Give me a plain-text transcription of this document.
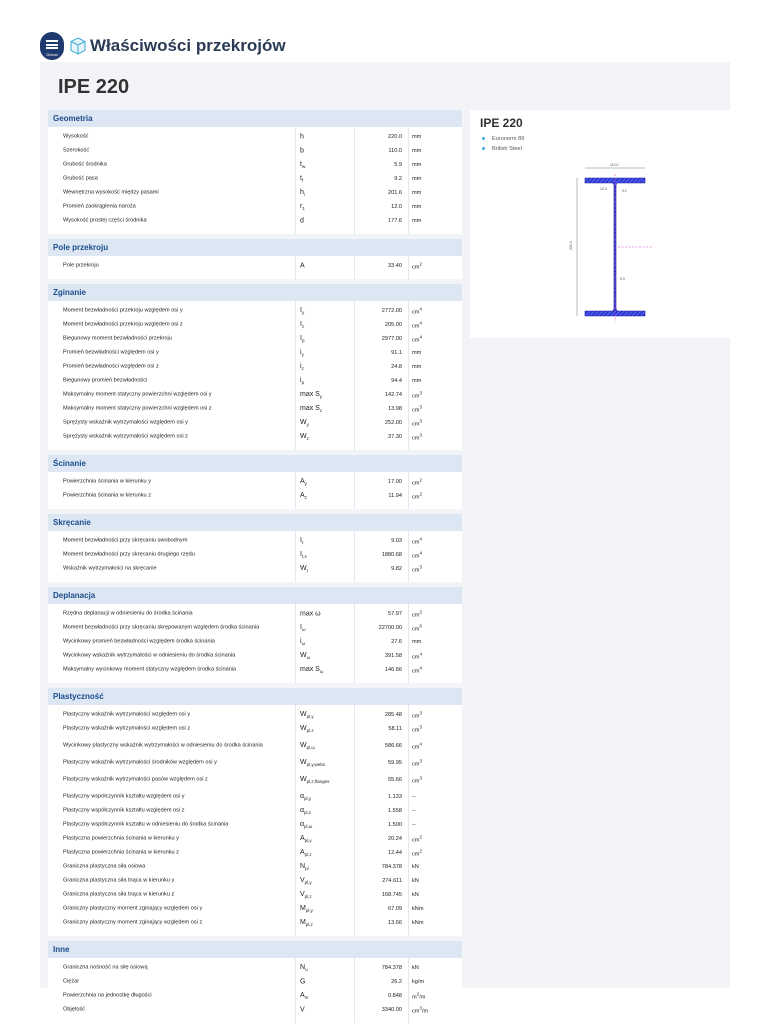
Dlubal	Właściwości przekrojów
IPE 220
Geometria
Wysokość	h	220.0 mm
Szerokość	b	110.0 mm
Grubość środnika	$t_w$	5.9 mm
Grubość pasa	$t_f$	9.2 mm
Wewnętrzna wysokość między pasami	$h_i$	201.6 mm
Promień zaokrąglenia naroża	$r_1$	12.0 mm
Wysokość prostej części środnika	d	177.6 mm
Pole przekroju
Pole przekroju	A	33.40 $cm^2$
Zginanie
Moment bezwładności przekroju względem osi y	$I_y$	2772.00 $cm^4$
Moment bezwładności przekroju względem osi z	$I_z$	205.00 $cm^4$
Biegunowy moment bezwładności przekroju	$I_p$	2977.00 $cm^4$
Promień bezwładności względem osi y	$i_y$	91.1 mm
Promień bezwładności względem osi z	$i_z$	24.8 mm
Biegunowy promień bezwładności	$i_p$	94.4 mm
Maksymalny moment statyczny powierzchni względem osi y	$\max S_y$	142.74 $cm^3$
Maksymalny moment statyczny powierzchni względem osi z	$\max S_z$	13.98 $cm^3$
Sprężysty wskaźnik wytrzymałości względem osi y	$W_y$	252.00 $cm^3$
Sprężysty wskaźnik wytrzymałości względem osi z	$W_z$	37.30 $cm^3$
Ścinanie
Powierzchnia ścinania w kierunku y	$A_y$	17.00 $cm^2$
Powierzchnia ścinania w kierunku z	$A_z$	11.94 $cm^2$
Skręcanie
Moment bezwładności przy skręcaniu swobodnym	$I_t$	9.03 $cm^4$
Moment bezwładności przy skręcaniu drugiego rzędu	$I_{t,s}$	1880.68 $cm^4$
Wskaźnik wytrzymałości na skręcanie	$W_t$	9.82 $cm^3$
Deplanacja
Rzędna deplanacji w odniesieniu do środka ścinania	max ω	57.97 $cm^2$
Moment bezwładności przy skręcaniu skrępowanym względem środka ścinania	$I_\omega$	22700.00 $cm^6$
Wycinkowy promień bezwładności względem środka ścinania	$i_\omega$	27.6 mm
Wycinkowy wskaźnik wytrzymałości w odniesieniu do środka ścinania	$W_\omega$	391.58 $cm^4$
Maksymalny wycinkowy moment statyczny względem środka ścinania	$\max S_\omega$	146.66 $cm^4$
Plastyczność
Plastyczny wskaźnik wytrzymałości względem osi y	$W_{pl,y}$	285.48 $cm^3$
Plastyczny wskaźnik wytrzymałości względem osi z	$W_{pl,z}$	58.11 $cm^3$
Wycinkowy plastyczny wskaźnik wytrzymałości w odniesieniu do środka ścinania	$W_{pl,\omega}$	586.66 $cm^4$
Plastyczny wskaźnik wytrzymałości środników względem osi y	$W_{pl,y,webs}$	59.95 $cm^3$
Plastyczny wskaźnik wytrzymałości pasów względem osi z	$W_{pl,z,flanges}$	55.66 $cm^3$
Plastyczny współczynnik kształtu względem osi y	$\alpha_{pl,y}$	1.133 --
Plastyczny współczynnik kształtu względem osi z	$\alpha_{pl,z}$	1.558 --
Plastyczny współczynnik kształtu w odniesieniu do środka ścinania	$\alpha_{pl,\omega}$	1.500 --
Plastyczna powierzchnia ścinania w kierunku y	$A_{pl,y}$	20.24 $cm^2$
Plastyczna powierzchnia ścinania w kierunku z	$A_{pl,z}$	12.44 $cm^2$
Graniczna plastyczna siła osiowa	$N_{pl}$	784.378 kN
Graniczna plastyczna siła tnąca w kierunku y	$V_{pl,y}$	274.611 kN
Graniczna plastyczna siła tnąca w kierunku z	$V_{pl,z}$	168.745 kN
Graniczny plastyczny moment zginający względem osi y	$M_{pl,y}$	67.09 kNm
Graniczny plastyczny moment zginający względem osi z	$M_{pl,z}$	13.66 kNm
Inne
Graniczna nośność na siłę osiową	$N_u$	784.378 kN
Ciężar	G	26.2 kg/m
Powierzchnia na jednostkę długości	$A_m$	0.848 $m^2/m$
Objętość	V	3340.00 $cm^3/m$
IPE 220
Euronorm 89
British Steel
110.0
220.0
9.2
5.9
12.0
